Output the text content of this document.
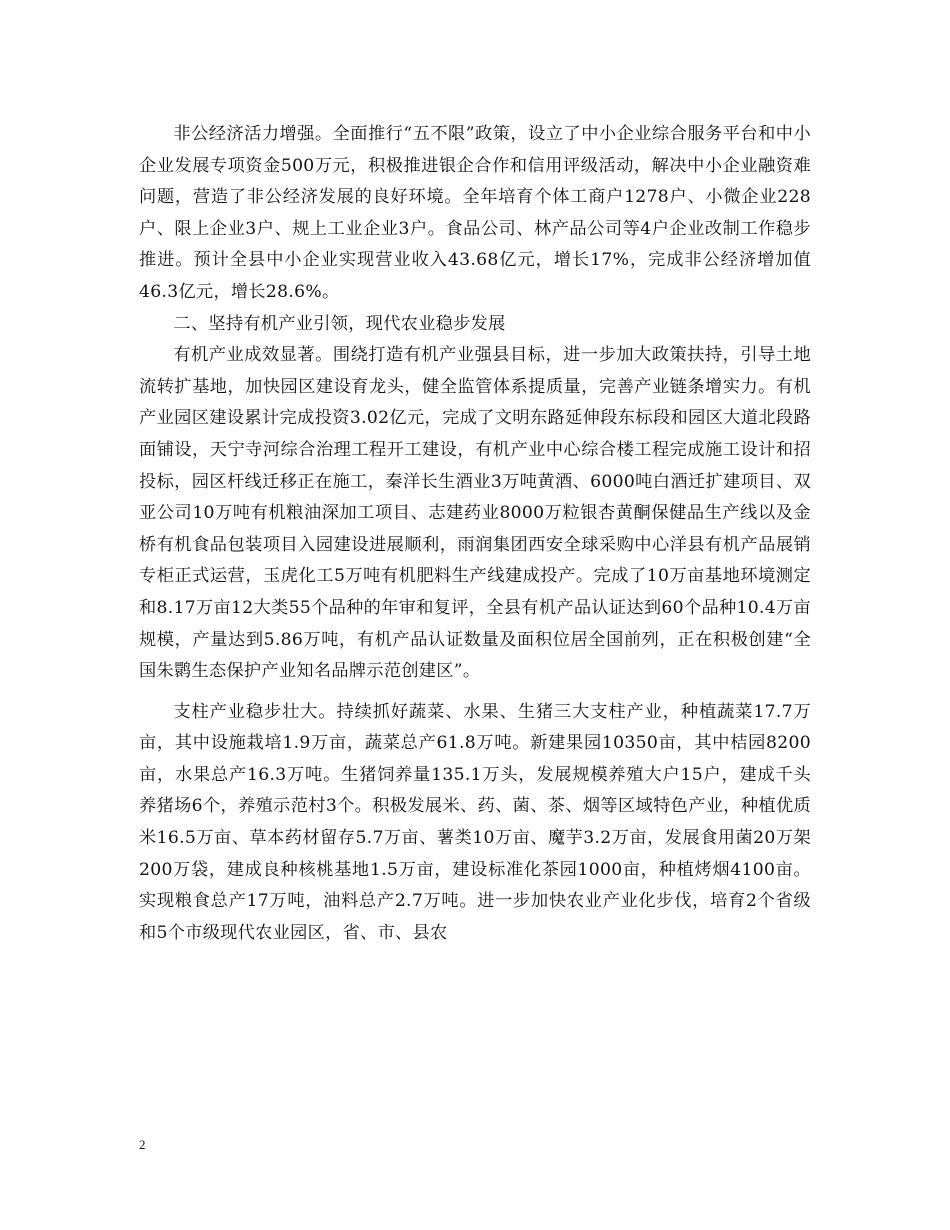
非公经济活力增强。全面推行“五不限”政策，设立了中小企业综合服务平台和中小企业发展专项资金500万元，积极推进银企合作和信用评级活动，解决中小企业融资难问题，营造了非公经济发展的良好环境。全年培育个体工商户1278户、小微企业228户、限上企业3户、规上工业企业3户。食品公司、林产品公司等4户企业改制工作稳步推进。预计全县中小企业实现营业收入43.68亿元，增长17%，完成非公经济增加值46.3亿元，增长28.6%。

二、坚持有机产业引领，现代农业稳步发展

有机产业成效显著。围绕打造有机产业强县目标，进一步加大政策扶持，引导土地流转扩基地，加快园区建设育龙头，健全监管体系提质量，完善产业链条增实力。有机产业园区建设累计完成投资3.02亿元，完成了文明东路延伸段东标段和园区大道北段路面铺设，天宁寺河综合治理工程开工建设，有机产业中心综合楼工程完成施工设计和招投标，园区杆线迁移正在施工，秦洋长生酒业3万吨黄酒、6000吨白酒迁扩建项目、双亚公司10万吨有机粮油深加工项目、志建药业8000万粒银杏黄酮保健品生产线以及金桥有机食品包装项目入园建设进展顺利，雨润集团西安全球采购中心洋县有机产品展销专柜正式运营，玉虎化工5万吨有机肥料生产线建成投产。完成了10万亩基地环境测定和8.17万亩12大类55个品种的年审和复评，全县有机产品认证达到60个品种10.4万亩规模，产量达到5.86万吨，有机产品认证数量及面积位居全国前列，正在积极创建“全国朱鹮生态保护产业知名品牌示范创建区”。

支柱产业稳步壮大。持续抓好蔬菜、水果、生猪三大支柱产业，种植蔬菜17.7万亩，其中设施栽培1.9万亩，蔬菜总产61.8万吨。新建果园10350亩，其中桔园8200亩，水果总产16.3万吨。生猪饲养量135.1万头，发展规模养殖大户15户，建成千头养猪场6个，养殖示范村3个。积极发展米、药、菌、茶、烟等区域特色产业，种植优质米16.5万亩、草本药材留存5.7万亩、薯类10万亩、魔芋3.2万亩，发展食用菌20万架200万袋，建成良种核桃基地1.5万亩，建设标准化茶园1000亩，种植烤烟4100亩。实现粮食总产17万吨，油料总产2.7万吨。进一步加快农业产业化步伐，培育2个省级和5个市级现代农业园区，省、市、县农

2
